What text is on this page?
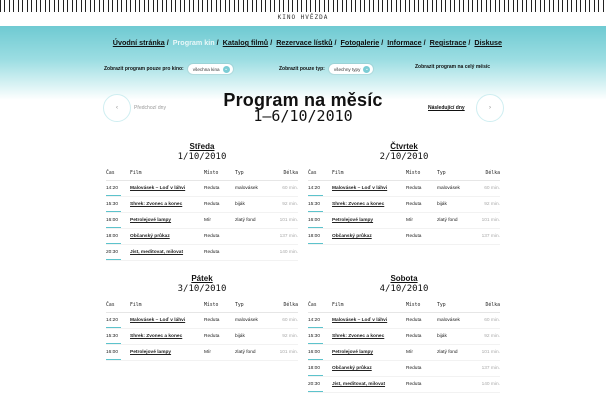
KINO HVĚZDA
Úvodní stránka / Program kin / Katalog filmů / Rezervace lístků / Fotogalerie / Informace / Registrace / Diskuse
Zobrazit program pouze pro kino: všechna kina ⌄	Zobrazit pouze typ: všechny typy ⌄	Zobrazit program na celý měsíc
‹	Předchozí dny	Následující dny	›
Program na měsíc
1–6/10/2010
Středa
1/10/2010
Čas	Film	Místo	Typ	Délka
14:20	Malovásek – Loď v láhvi	Reduta	malovásek	60 min.
15:30	Shrek: Zvonec a konec	Reduta	biják	92 min.
16:00	Petrolejové lampy	Mír	zlatý fond	101 min.
18:00	Občanský průkaz	Reduta		137 min.
20:30	Jíst, meditovat, milovat	Reduta		140 min.
Čtvrtek
2/10/2010
Čas	Film	Místo	Typ	Délka
14:20	Malovásek – Loď v láhvi	Reduta	malovásek	60 min.
15:30	Shrek: Zvonec a konec	Reduta	biják	92 min.
16:00	Petrolejové lampy	Mír	zlatý fond	101 min.
18:00	Občanský průkaz	Reduta		137 min.
Pátek
3/10/2010
Čas	Film	Místo	Typ	Délka
14:20	Malovásek – Loď v láhvi	Reduta	malovásek	60 min.
15:30	Shrek: Zvonec a konec	Reduta	biják	92 min.
16:00	Petrolejové lampy	Mír	zlatý fond	101 min.
Sobota
4/10/2010
Čas	Film	Místo	Typ	Délka
14:20	Malovásek – Loď v láhvi	Reduta	malovásek	60 min.
15:30	Shrek: Zvonec a konec	Reduta	biják	92 min.
16:00	Petrolejové lampy	Mír	zlatý fond	101 min.
18:00	Občanský průkaz	Reduta		137 min.
20:30	Jíst, meditovat, milovat	Reduta		140 min.
